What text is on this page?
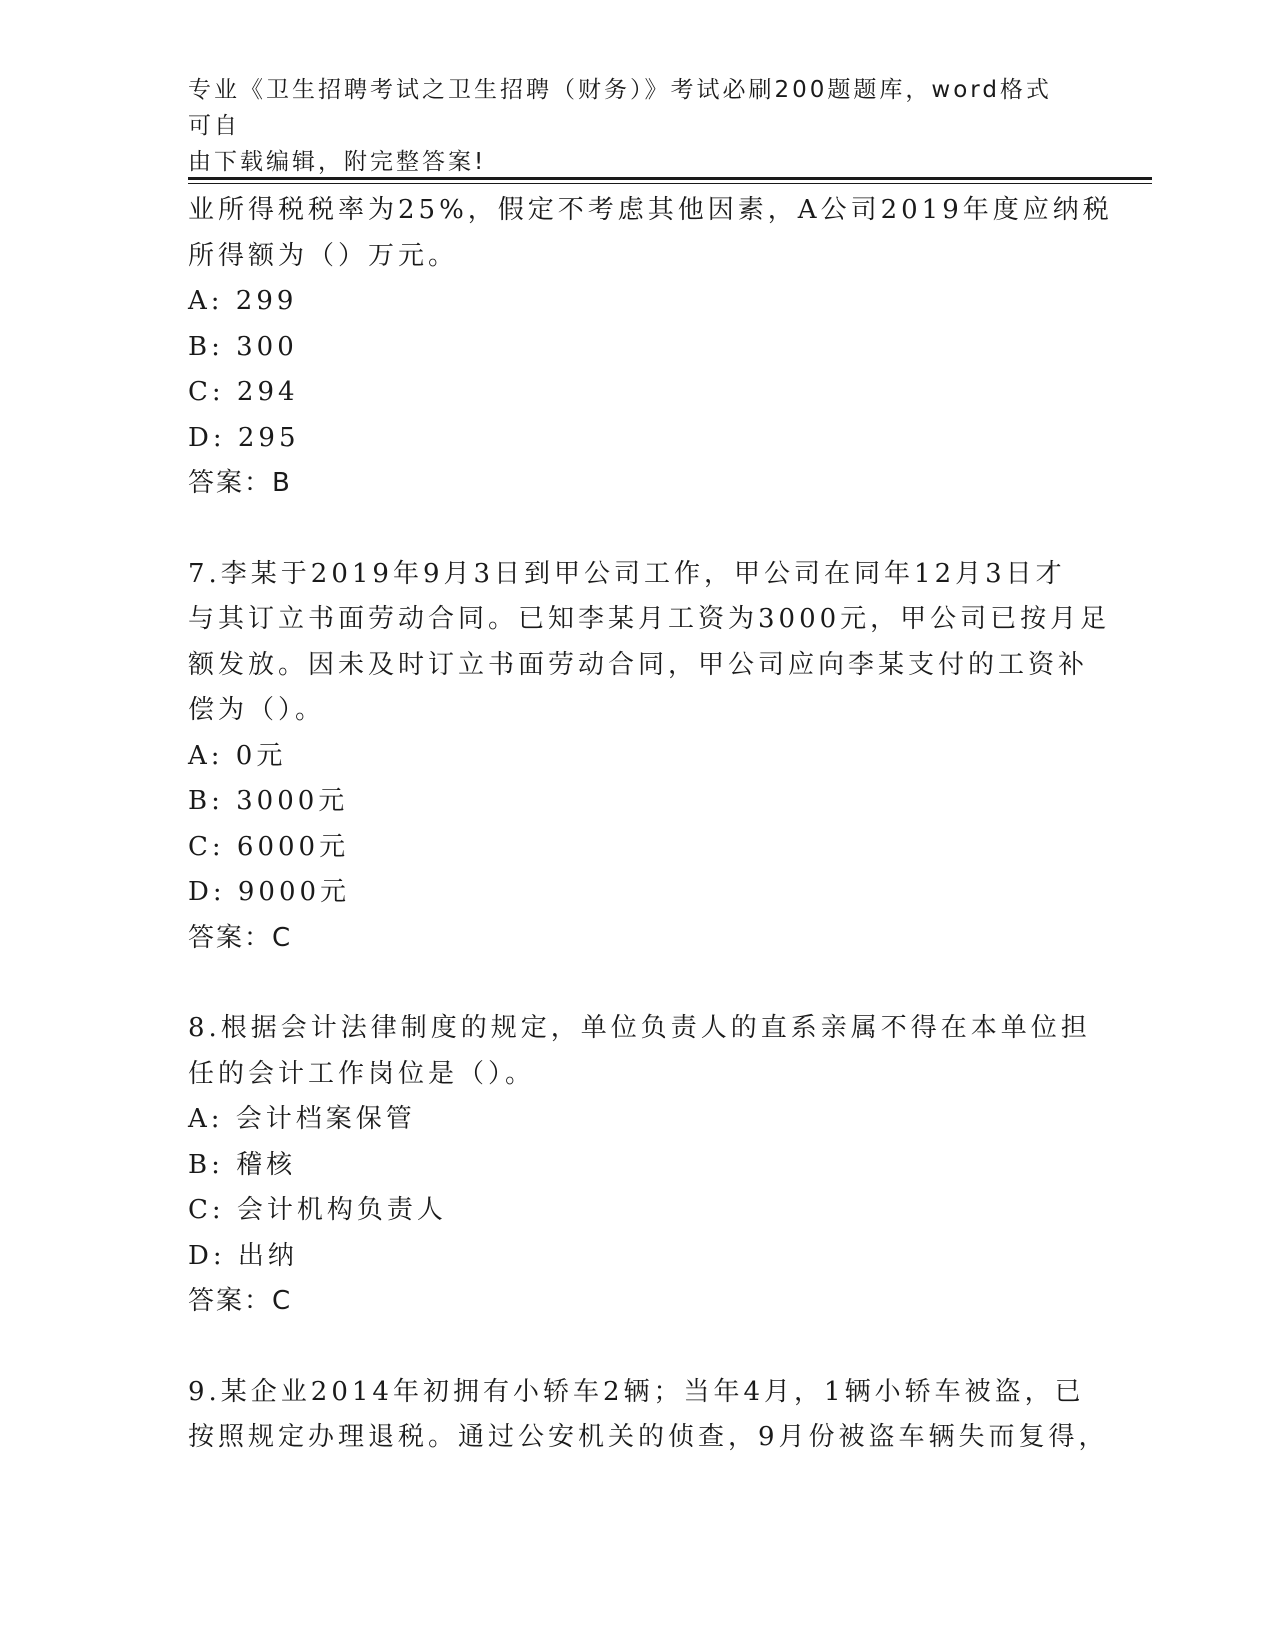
专业《卫生招聘考试之卫生招聘（财务）》考试必刷200题题库，word格式可自
由下载编辑，附完整答案!
业所得税税率为25%，假定不考虑其他因素，A公司2019年度应纳税
所得额为（）万元。
A: 299
B: 300
C: 294
D: 295
答案：B
7.李某于2019年9月3日到甲公司工作，甲公司在同年12月3日才
与其订立书面劳动合同。已知李某月工资为3000元，甲公司已按月足
额发放。因未及时订立书面劳动合同，甲公司应向李某支付的工资补
偿为（）。
A: 0元
B: 3000元
C: 6000元
D: 9000元
答案：C
8.根据会计法律制度的规定，单位负责人的直系亲属不得在本单位担
任的会计工作岗位是（）。
A: 会计档案保管
B: 稽核
C: 会计机构负责人
D: 出纳
答案：C
9.某企业2014年初拥有小轿车2辆；当年4月，1辆小轿车被盗，已
按照规定办理退税。通过公安机关的侦查，9月份被盗车辆失而复得，
